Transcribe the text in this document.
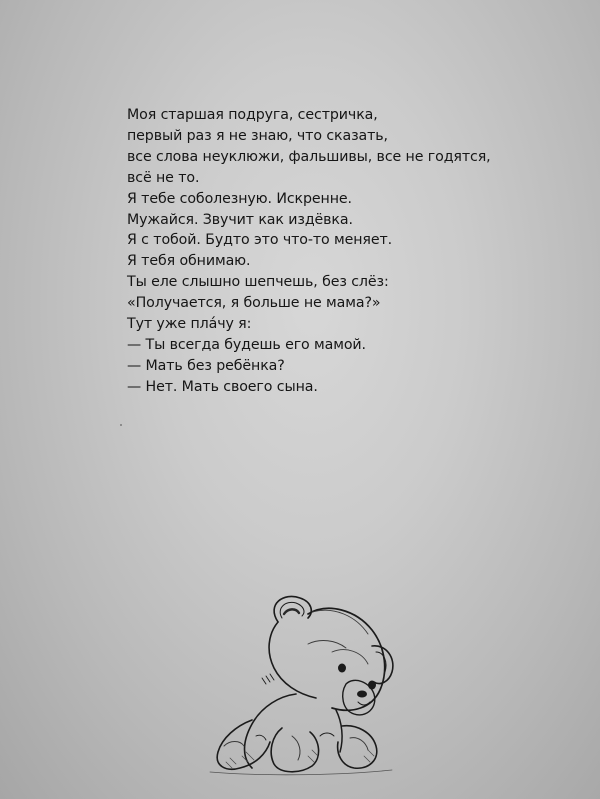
Моя старшая подруга, сестричка,
первый раз я не знаю, что сказать,
все слова неуклюжи, фальшивы, все не годятся,
всё не то.
Я тебе соболезную. Искренне.
Мужайся. Звучит как издёвка.
Я с тобой. Будто это что-то меняет.
Я тебя обнимаю.
Ты еле слышно шепчешь, без слёз:
«Получается, я больше не мама?»
Тут уже пла́чу я:
— Ты всегда будешь его мамой.
— Мать без ребёнка?
— Нет. Мать своего сына.
